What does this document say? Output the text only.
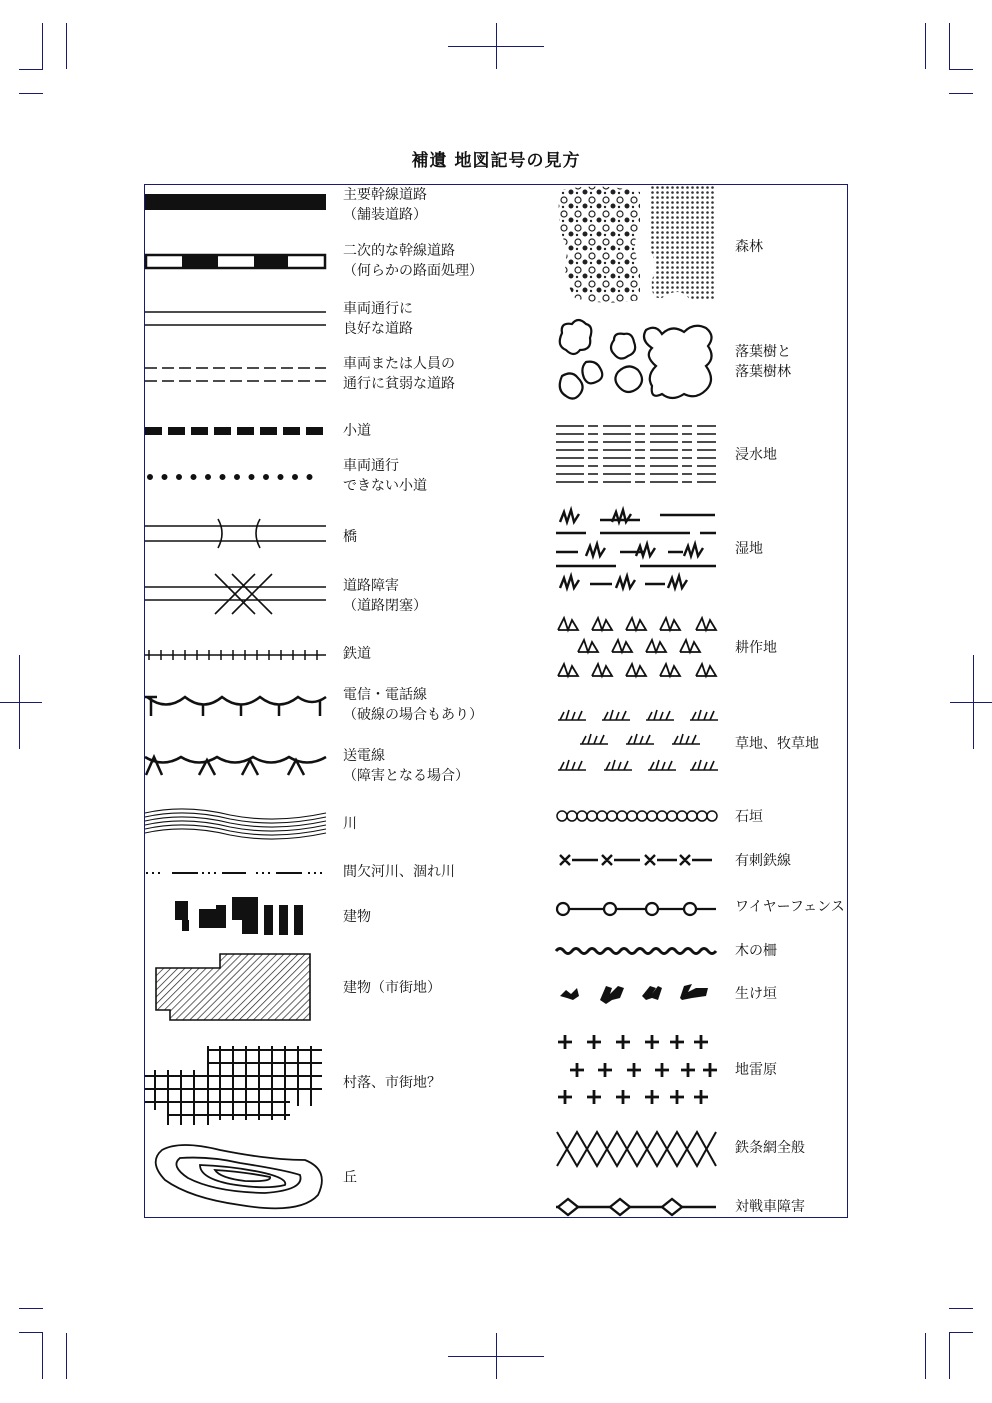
補遺 地図記号の見方
主要幹線道路
（舗装道路）
二次的な幹線道路
（何らかの路面処理）
車両通行に
良好な道路
車両または人員の
通行に貧弱な道路
小道
車両通行
できない小道
橋
道路障害
（道路閉塞）
鉄道
電信・電話線
（破線の場合もあり）
送電線
（障害となる場合）
川
間欠河川、涸れ川
建物
建物（市街地）
村落、市街地？
丘
森林
落葉樹と
落葉樹林
浸水地
湿地
耕作地
草地、牧草地
石垣
有刺鉄線
ワイヤーフェンス
木の柵
生け垣
地雷原
鉄条網全般
対戦車障害
